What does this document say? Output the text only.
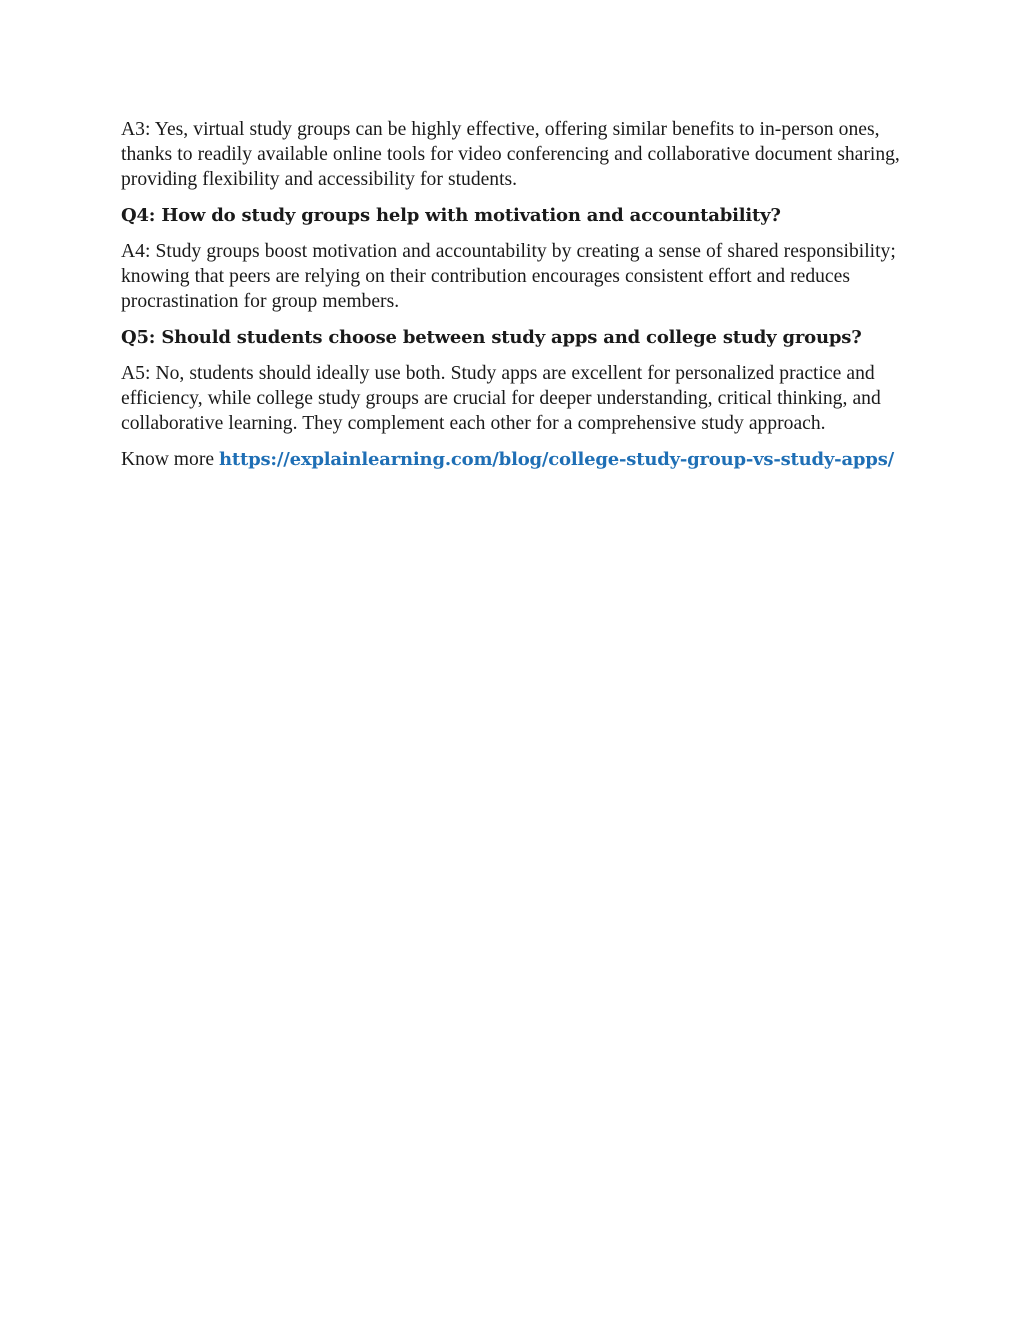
A3: Yes, virtual study groups can be highly effective, offering similar benefits to in-person ones, thanks to readily available online tools for video conferencing and collaborative document sharing, providing flexibility and accessibility for students.

Q4: How do study groups help with motivation and accountability?

A4: Study groups boost motivation and accountability by creating a sense of shared responsibility; knowing that peers are relying on their contribution encourages consistent effort and reduces procrastination for group members.

Q5: Should students choose between study apps and college study groups?

A5: No, students should ideally use both. Study apps are excellent for personalized practice and efficiency, while college study groups are crucial for deeper understanding, critical thinking, and collaborative learning. They complement each other for a comprehensive study approach.

Know more https://explainlearning.com/blog/college-study-group-vs-study-apps/
